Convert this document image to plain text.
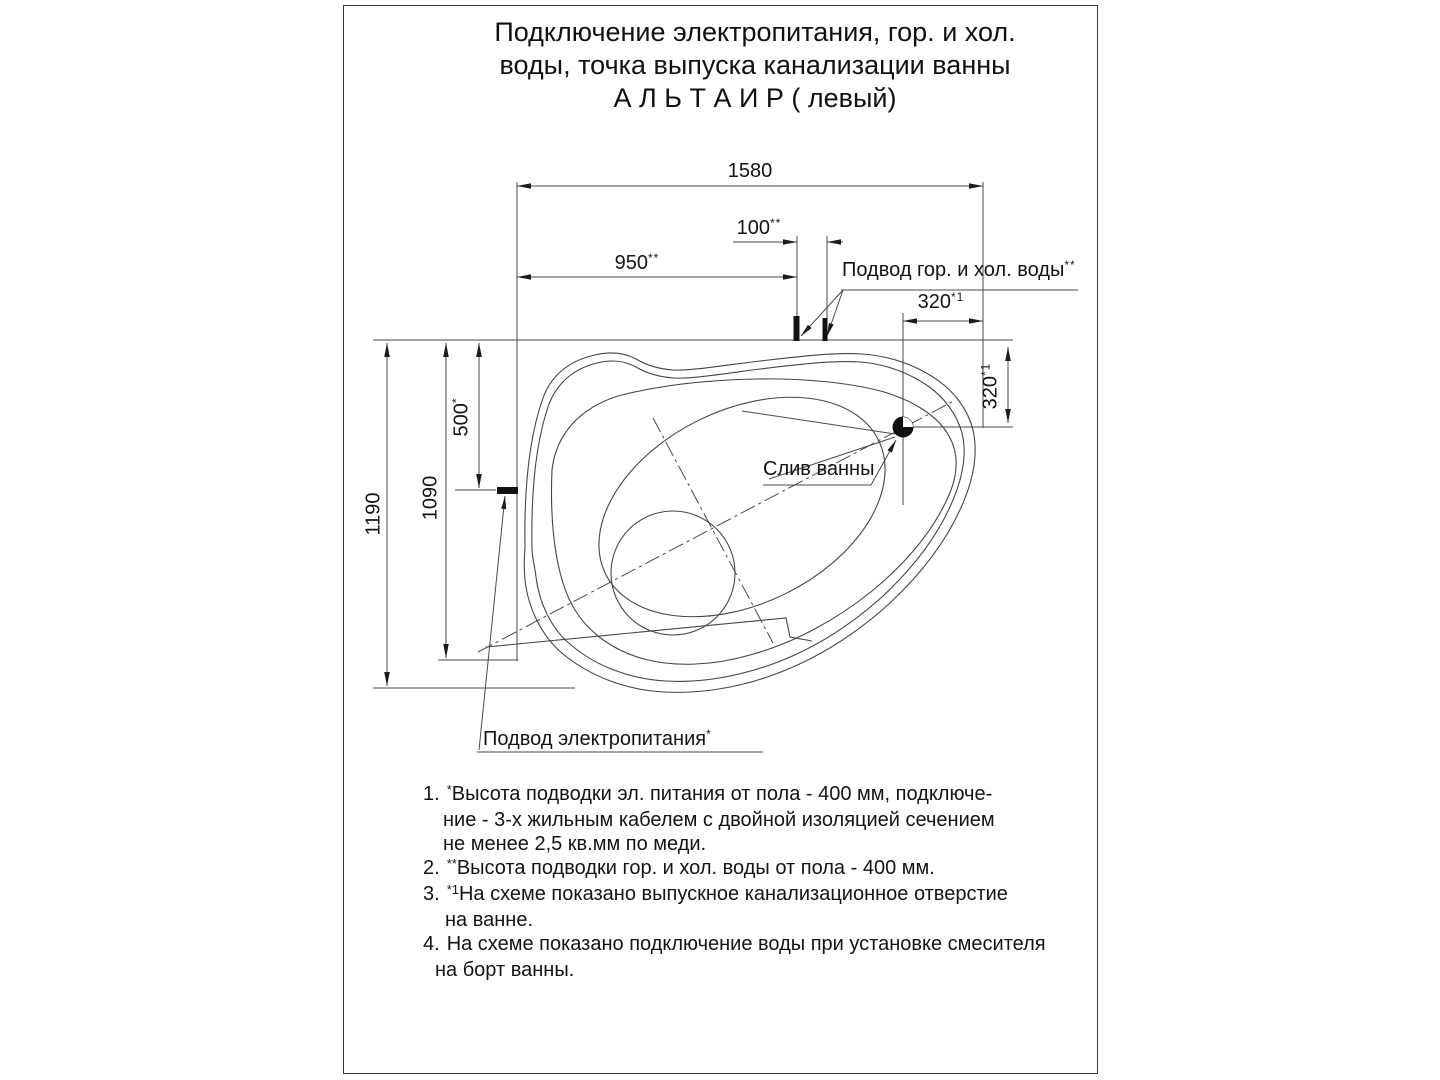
Подключение электропитания, гор. и хол.
воды, точка выпуска канализации ванны
А Л Ь Т А И Р ( левый)
1580
100**
950**
320$^{*1}$
320$^{*1}$
500*
1090
1190
Подвод гор. и хол. воды**
Слив ванны
Подвод электропитания*
1. *Высота подводки эл. питания от пола - 400 мм, подключе-
ние - 3-х жильным кабелем с двойной изоляцией сечением
не менее 2,5 кв.мм по меди.
2. **Высота подводки гор. и хол. воды от пола - 400 мм.
3. $^{*1}$На схеме показано выпускное канализационное отверстие
на ванне.
4. На схеме показано подключение воды при установке смесителя
на борт ванны.
